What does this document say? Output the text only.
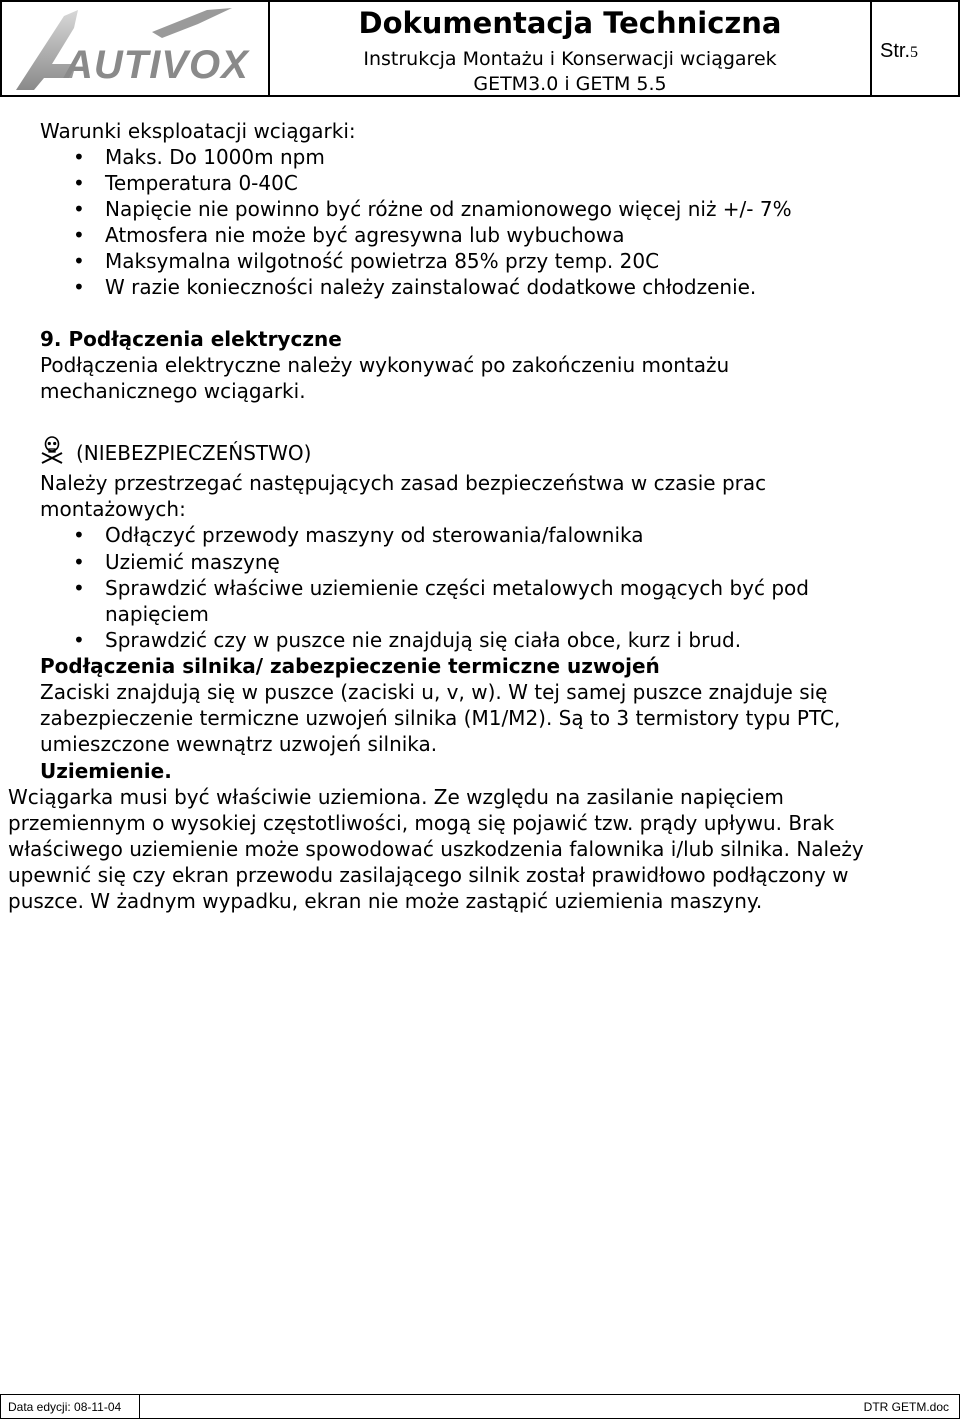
AUTIVOX
Dokumentacja Techniczna
Instrukcja Montażu i Konserwacji wciągarek
GETM3.0 i GETM 5.5
Str.5
Warunki eksploatacji wciągarki:
• Maks. Do 1000m npm
• Temperatura 0-40C
• Napięcie nie powinno być różne od znamionowego więcej niż +/- 7%
• Atmosfera nie może być agresywna lub wybuchowa
• Maksymalna wilgotność powietrza 85% przy temp. 20C
• W razie konieczności należy zainstalować dodatkowe chłodzenie.
9. Podłączenia elektryczne
Podłączenia elektryczne należy wykonywać po zakończeniu montażu
mechanicznego wciągarki.
(NIEBEZPIECZEŃSTWO)
Należy przestrzegać następujących zasad bezpieczeństwa w czasie prac
montażowych:
• Odłączyć przewody maszyny od sterowania/falownika
• Uziemić maszynę
• Sprawdzić właściwe uziemienie części metalowych mogących być pod
napięciem
• Sprawdzić czy w puszce nie znajdują się ciała obce, kurz i brud.
Podłączenia silnika/ zabezpieczenie termiczne uzwojeń
Zaciski znajdują się w puszce (zaciski u, v, w). W tej samej puszce znajduje się
zabezpieczenie termiczne uzwojeń silnika (M1/M2). Są to 3 termistory typu PTC,
umieszczone wewnątrz uzwojeń silnika.
Uziemienie.
Wciągarka musi być właściwie uziemiona. Ze względu na zasilanie napięciem
przemiennym o wysokiej częstotliwości, mogą się pojawić tzw. prądy upływu. Brak
właściwego uziemienie może spowodować uszkodzenia falownika i/lub silnika. Należy
upewnić się czy ekran przewodu zasilającego silnik został prawidłowo podłączony w
puszce. W żadnym wypadku, ekran nie może zastąpić uziemienia maszyny.
Data edycji: 08-11-04	DTR GETM.doc
